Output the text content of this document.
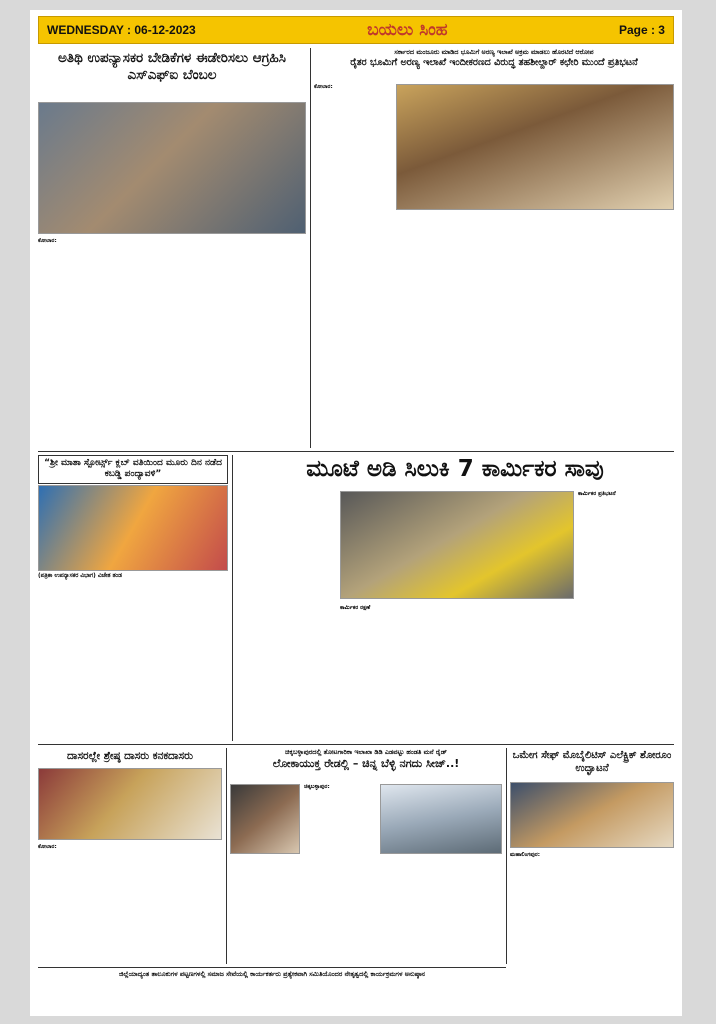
WEDNESDAY : 06-12-2023	ಬಯಲು ಸಿಂಹ	Page : 3
ಅತಿಥಿ ಉಪನ್ಯಾಸಕರ ಬೇಡಿಕೆಗಳ ಈಡೇರಿಸಲು ಆಗ್ರಹಿಸಿ ಎಸ್ಎಫ್ಐ ಬೆಂಬಲ
ಕೋಲಾರ:
ಸರ್ಕಾರದ ಮಂಜೂರು ಮಾಡಿದ ಭೂಮಿಗೆ ಅರಣ್ಯ ಇಲಾಖೆ ಅಕ್ರಮ ಮಾಡಲು ಹೊರಟಿದೆ ಆರೋಪ
ರೈತರ ಭೂಮಿಗೆ ಅರಣ್ಯ ಇಲಾಖೆ ಇಂದೀಕರಣದ ವಿರುದ್ಧ ತಹಶೀಲ್ದಾರ್ ಕಛೇರಿ ಮುಂದೆ ಪ್ರತಿಭಟನೆ
ಕೋಲಾರ:
“ಶ್ರೀ ಮಾತಾ ಸ್ಪೋರ್ಟ್ಸ್ ಕ್ಲಬ್ ವತಿಯಿಂದ ಮೂರು ದಿನ ನಡೆದ ಕಬಡ್ಡಿ ಪಂದ್ಯಾವಳಿ”
(ಪತ್ರಿಕಾ ಉಪನ್ಯಾಸಕರ ವಿಭಾಗ) ವಿಜೇತ ತಂಡ
ಮೂಟೆ ಅಡಿ ಸಿಲುಕಿ 7 ಕಾರ್ಮಿಕರ ಸಾವು
ಕಾರ್ಮಿಕರ ರಕ್ಷಣೆ
ಕಾರ್ಮಿಕರ ಪ್ರತಿಭಟನೆ
ದಾಸರಲ್ಲೇ ಶ್ರೇಷ್ಠ ದಾಸರು ಕನಕದಾಸರು
ಕೋಲಾರ:
ಚಿಕ್ಕಬಳ್ಳಾಪುರದಲ್ಲಿ ತೋಟಗಾರಿಕಾ ಇಲಾಖಾ ಡಿಡಿ ಎಡವಟ್ಟು ಹಂಡತಿ ಮನೆ ರೈಡ್
ಲೋಕಾಯುಕ್ತ ರೇಡಲ್ಲಿ – ಚಿನ್ನ ಬೆಳ್ಳಿ ನಗದು ಸೀಜ್..!
ಚಿಕ್ಕಬಳ್ಳಾಪುರ:
ಒಮೇಗ ಸೇಫ್ ಮೊಬೈಲಿಟಿಸ್ ಎಲೆಕ್ಟ್ರಿಕ್ ಶೋರೂಂ ಉದ್ಘಾಟನೆ
ಮಹಾಲಿಂಗಪುರ:
ಜಿಲ್ಲೆಯಾದ್ಯಂತ ತಾಲೂಕುಗಳ ಪಟ್ಟಣಗಳಲ್ಲಿ ಸಮಾಜ ಸೇವೆಯಲ್ಲಿ ಕಾರ್ಯಕರ್ತರು ಪ್ರತ್ಯೇಕವಾಗಿ ಸಮಿತಿಯೊಂದರ ನೇತೃತ್ವದಲ್ಲಿ ಕಾರ್ಯಕ್ರಮಗಳ ಅನುಷ್ಠಾನ
